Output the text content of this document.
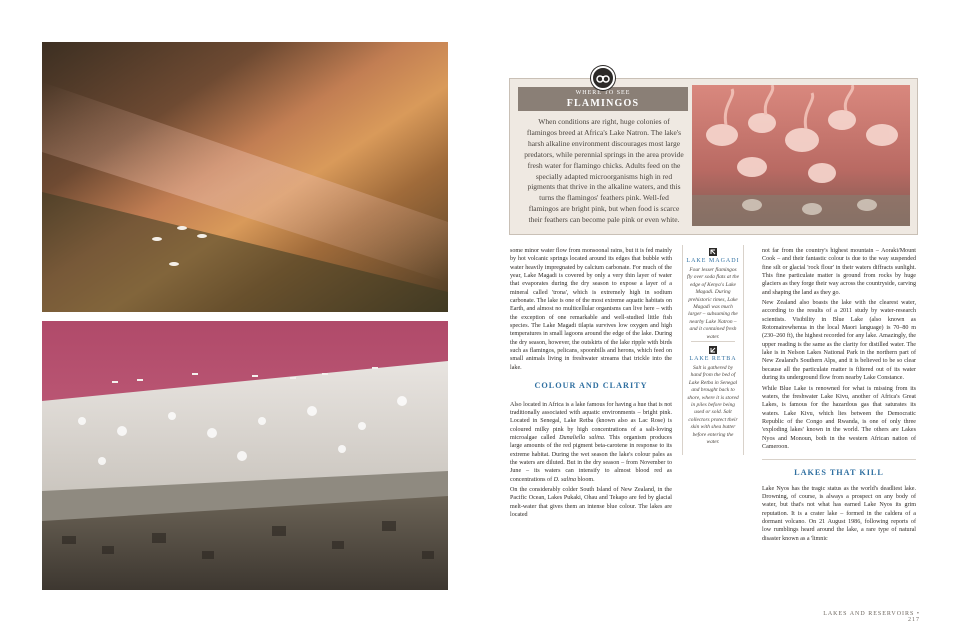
WHERE TO SEE
FLAMINGOS
When conditions are right, huge colonies of flamingos breed at Africa's Lake Natron. The lake's harsh alkaline environment discourages most large predators, while perennial springs in the area provide fresh water for flamingo chicks. Adults feed on the specially adapted microorganisms high in red pigments that thrive in the alkaline waters, and this turns the flamingos' feathers pink. Well-fed flamingos are bright pink, but when food is scarce their feathers can become pale pink or even white.

some minor water flow from monsoonal rains, but it is fed mainly by hot volcanic springs located around its edges that bubble with water heavily impregnated by calcium carbonate. For much of the year, Lake Magadi is covered by only a very thin layer of water that evaporates during the dry season to expose a layer of a mineral called 'trona', which is extremely high in sodium carbonate. The lake is one of the most extreme aquatic habitats on Earth, and almost no multicellular organisms can live here – with the exception of one remarkable and well-studied little fish species. The Lake Magadi tilapia survives low oxygen and high temperatures in small lagoons around the edge of the lake. During the dry season, however, the outskirts of the lake ripple with birds such as flamingos, pelicans, spoonbills and herons, which feed on small animals living in freshwater streams that trickle into the lake.

COLOUR AND CLARITY

Also located in Africa is a lake famous for having a hue that is not traditionally associated with aquatic environments – bright pink. Located in Senegal, Lake Retba (known also as Lac Rose) is coloured milky pink by high concentrations of a salt-loving microalgae called Dunaliella salina. This organism produces large amounts of the red pigment beta-carotene in response to its extreme habitat. During the wet season the lake's colour pales as the waters are diluted. But in the dry season – from November to June – its waters can intensify to almost blood red as concentrations of D. salina bloom.

On the considerably colder South Island of New Zealand, in the Pacific Ocean, Lakes Pukaki, Ohau and Tekapo are fed by glacial melt-water that gives them an intense blue colour. The lakes are located

LAKE MAGADI
Four lesser flamingos fly over soda flats at the edge of Kenya's Lake Magadi. During prehistoric times, Lake Magadi was much larger – subsuming the nearby Lake Natron – and it contained fresh water.
LAKE RETBA
Salt is gathered by hand from the bed of Lake Retba in Senegal and brought back to shore, where it is stored in piles before being used or sold. Salt collectors protect their skin with shea butter before entering the water.

not far from the country's highest mountain – Aoraki/Mount Cook – and their fantastic colour is due to the way suspended fine silt or glacial 'rock flour' in their waters diffracts sunlight. This fine particulate matter is ground from rocks by huge glaciers as they forge their way across the countryside, carving and shaping the land as they go.

New Zealand also boasts the lake with the clearest water, according to the results of a 2011 study by water-research scientists. Visibility in Blue Lake (also known as Rotomairewhenua in the local Maori language) is 70–80 m (230–260 ft), the highest recorded for any lake. Amazingly, the upper reading is the same as the clarity for distilled water. The lake is in Nelson Lakes National Park in the northern part of New Zealand's Southern Alps, and it is believed to be so clear because all the particulate matter is filtered out of its water during its underground flow from nearby Lake Constance.

While Blue Lake is renowned for what is missing from its waters, the freshwater Lake Kivu, another of Africa's Great Lakes, is famous for the hazardous gas that saturates its waters. Lake Kivu, which lies between the Democratic Republic of the Congo and Rwanda, is one of only three 'exploding lakes' known in the world. The others are Lakes Nyos and Monoun, both in the western African nation of Cameroon.

LAKES THAT KILL

Lake Nyos has the tragic status as the world's deadliest lake. Drowning, of course, is always a prospect on any body of water, but that's not what has earned Lake Nyos its grim reputation. It is a crater lake – formed in the caldera of a dormant volcano. On 21 August 1986, following reports of low rumblings heard around the lake, a rare type of natural disaster known as a 'limnic

LAKES AND RESERVOIRS • 217
